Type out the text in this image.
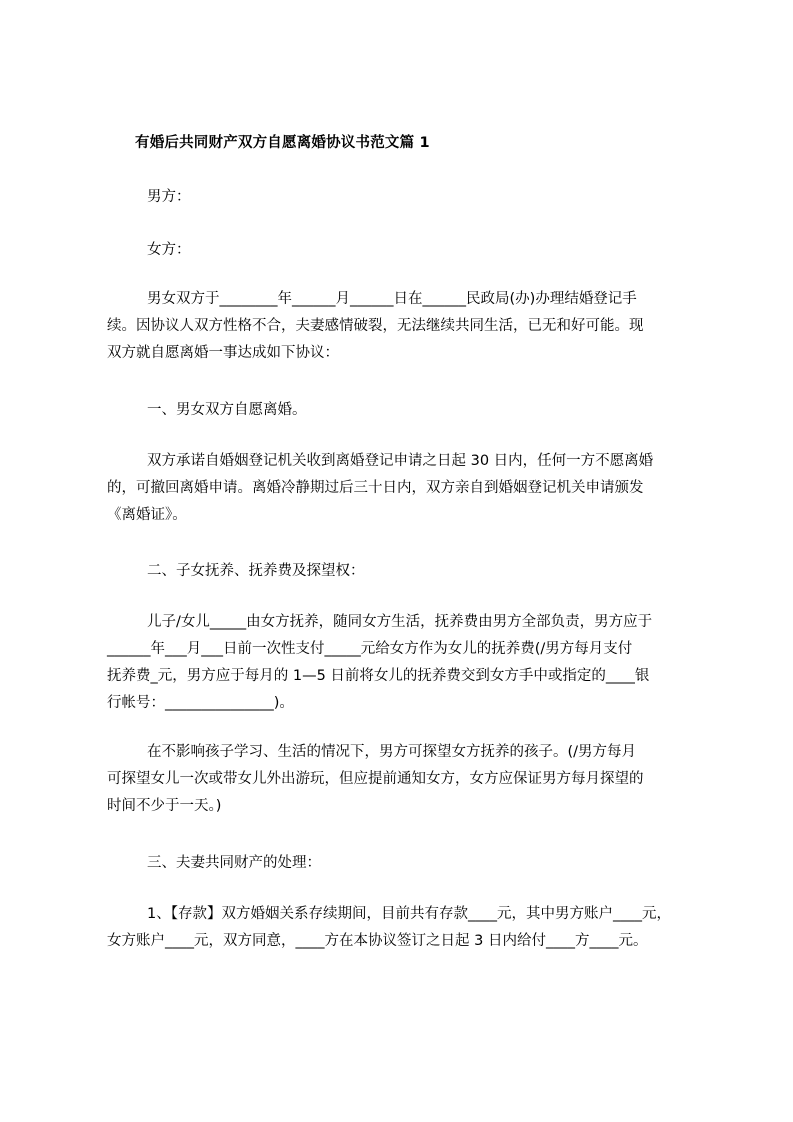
有婚后共同财产双方自愿离婚协议书范文篇 1
男方：
女方：
男女双方于________年______月______日在______民政局(办)办理结婚登记手
续。因协议人双方性格不合，夫妻感情破裂，无法继续共同生活，已无和好可能。现
双方就自愿离婚一事达成如下协议：
一、男女双方自愿离婚。
双方承诺自婚姻登记机关收到离婚登记申请之日起 30 日内，任何一方不愿离婚
的，可撤回离婚申请。离婚冷静期过后三十日内，双方亲自到婚姻登记机关申请颁发
《离婚证》。
二、子女抚养、抚养费及探望权：
儿子/女儿_____由女方抚养，随同女方生活，抚养费由男方全部负责，男方应于
______年___月___日前一次性支付_____元给女方作为女儿的抚养费(/男方每月支付
抚养费_元，男方应于每月的 1—5 日前将女儿的抚养费交到女方手中或指定的____银
行帐号：_______________)。
在不影响孩子学习、生活的情况下，男方可探望女方抚养的孩子。(/男方每月
可探望女儿一次或带女儿外出游玩，但应提前通知女方，女方应保证男方每月探望的
时间不少于一天。)
三、夫妻共同财产的处理：
1、【存款】双方婚姻关系存续期间，目前共有存款____元，其中男方账户____元，
女方账户____元，双方同意，____方在本协议签订之日起 3 日内给付____方____元。
